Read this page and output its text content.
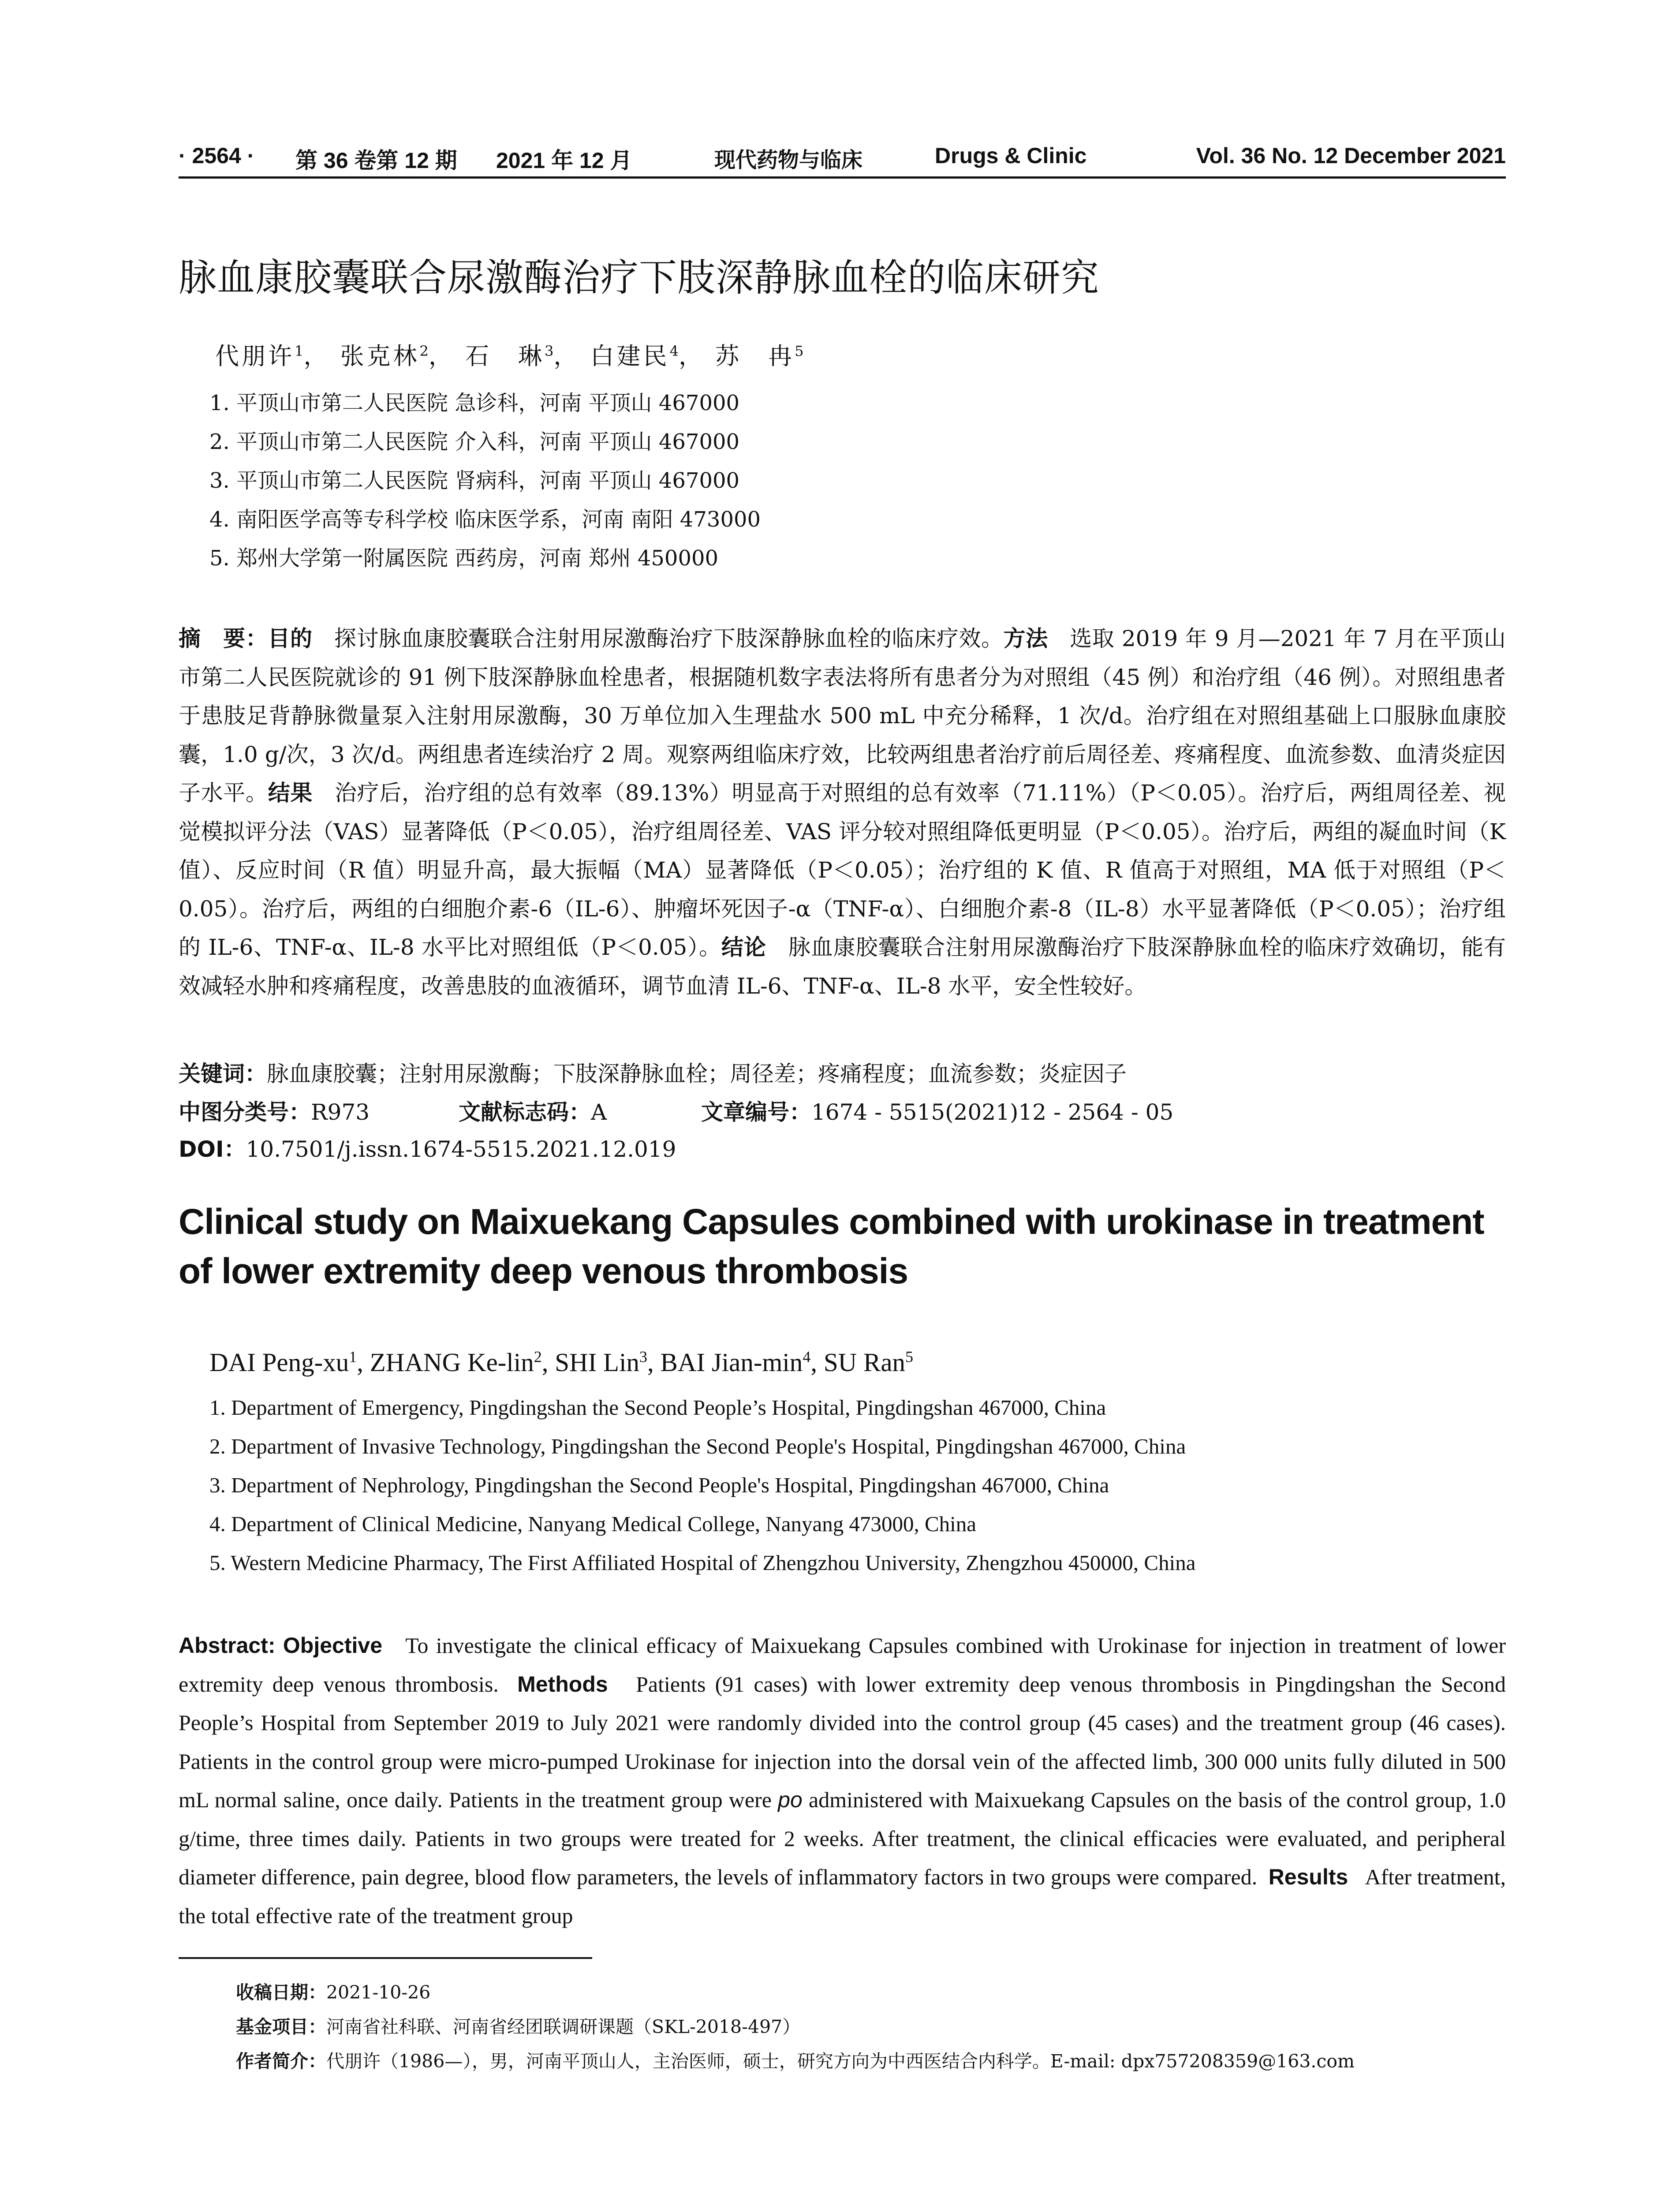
· 2564 · 第 36 卷第 12 期 2021 年 12 月	现代药物与临床	Drugs & Clinic	Vol. 36 No. 12 December 2021
脉血康胶囊联合尿激酶治疗下肢深静脉血栓的临床研究
代朋许$^1$， 张克林$^2$， 石　琳$^3$， 白建民$^4$， 苏　冉$^5$
1. 平顶山市第二人民医院 急诊科，河南 平顶山 467000
2. 平顶山市第二人民医院 介入科，河南 平顶山 467000
3. 平顶山市第二人民医院 肾病科，河南 平顶山 467000
4. 南阳医学高等专科学校 临床医学系，河南 南阳 473000
5. 郑州大学第一附属医院 西药房，河南 郑州 450000
摘　要：目的 探讨脉血康胶囊联合注射用尿激酶治疗下肢深静脉血栓的临床疗效。方法 选取 2019 年 9 月—2021 年 7 月在平顶山市第二人民医院就诊的 91 例下肢深静脉血栓患者，根据随机数字表法将所有患者分为对照组（45 例）和治疗组（46 例）。对照组患者于患肢足背静脉微量泵入注射用尿激酶，30 万单位加入生理盐水 500 mL 中充分稀释，1 次/d。治疗组在对照组基础上口服脉血康胶囊，1.0 g/次，3 次/d。两组患者连续治疗 2 周。观察两组临床疗效，比较两组患者治疗前后周径差、疼痛程度、血流参数、血清炎症因子水平。结果 治疗后，治疗组的总有效率（89.13%）明显高于对照组的总有效率（71.11%）（P＜0.05）。治疗后，两组周径差、视觉模拟评分法（VAS）显著降低（P＜0.05），治疗组周径差、VAS 评分较对照组降低更明显（P＜0.05）。治疗后，两组的凝血时间（K 值）、反应时间（R 值）明显升高，最大振幅（MA）显著降低（P＜0.05）；治疗组的 K 值、R 值高于对照组，MA 低于对照组（P＜0.05）。治疗后，两组的白细胞介素-6（IL-6）、肿瘤坏死因子-α（TNF-α）、白细胞介素-8（IL-8）水平显著降低（P＜0.05）；治疗组的 IL-6、TNF-α、IL-8 水平比对照组低（P＜0.05）。结论 脉血康胶囊联合注射用尿激酶治疗下肢深静脉血栓的临床疗效确切，能有效减轻水肿和疼痛程度，改善患肢的血液循环，调节血清 IL-6、TNF-α、IL-8 水平，安全性较好。
关键词：脉血康胶囊；注射用尿激酶；下肢深静脉血栓；周径差；疼痛程度；血流参数；炎症因子
中图分类号：R973	文献标志码：A	文章编号：1674 - 5515(2021)12 - 2564 - 05
DOI：10.7501/j.issn.1674-5515.2021.12.019
Clinical study on Maixuekang Capsules combined with urokinase in treatment of lower extremity deep venous thrombosis
DAI Peng-$xu^1$, ZHANG Ke-lin$^2$, SHI Lin$^3$, BAI Jian-$\min^4$, SU Ran$^5$
1. Department of Emergency, Pingdingshan the Second People’s Hospital, Pingdingshan 467000, China
2. Department of Invasive Technology, Pingdingshan the Second People's Hospital, Pingdingshan 467000, China
3. Department of Nephrology, Pingdingshan the Second People's Hospital, Pingdingshan 467000, China
4. Department of Clinical Medicine, Nanyang Medical College, Nanyang 473000, China
5. Western Medicine Pharmacy, The First Affiliated Hospital of Zhengzhou University, Zhengzhou 450000, China
Abstract: Objective To investigate the clinical efficacy of Maixuekang Capsules combined with Urokinase for injection in treatment of lower extremity deep venous thrombosis. Methods Patients (91 cases) with lower extremity deep venous thrombosis in Pingdingshan the Second People’s Hospital from September 2019 to July 2021 were randomly divided into the control group (45 cases) and the treatment group (46 cases). Patients in the control group were micro-pumped Urokinase for injection into the dorsal vein of the affected limb, 300 000 units fully diluted in 500 mL normal saline, once daily. Patients in the treatment group were po administered with Maixuekang Capsules on the basis of the control group, 1.0 g/time, three times daily. Patients in two groups were treated for 2 weeks. After treatment, the clinical efficacies were evaluated, and peripheral diameter difference, pain degree, blood flow parameters, the levels of inflammatory factors in two groups were compared. Results After treatment, the total effective rate of the treatment group
收稿日期：2021-10-26
基金项目：河南省社科联、河南省经团联调研课题（SKL-2018-497）
作者简介：代朋许（1986—），男，河南平顶山人，主治医师，硕士，研究方向为中西医结合内科学。E-mail: dpx757208359@163.com
